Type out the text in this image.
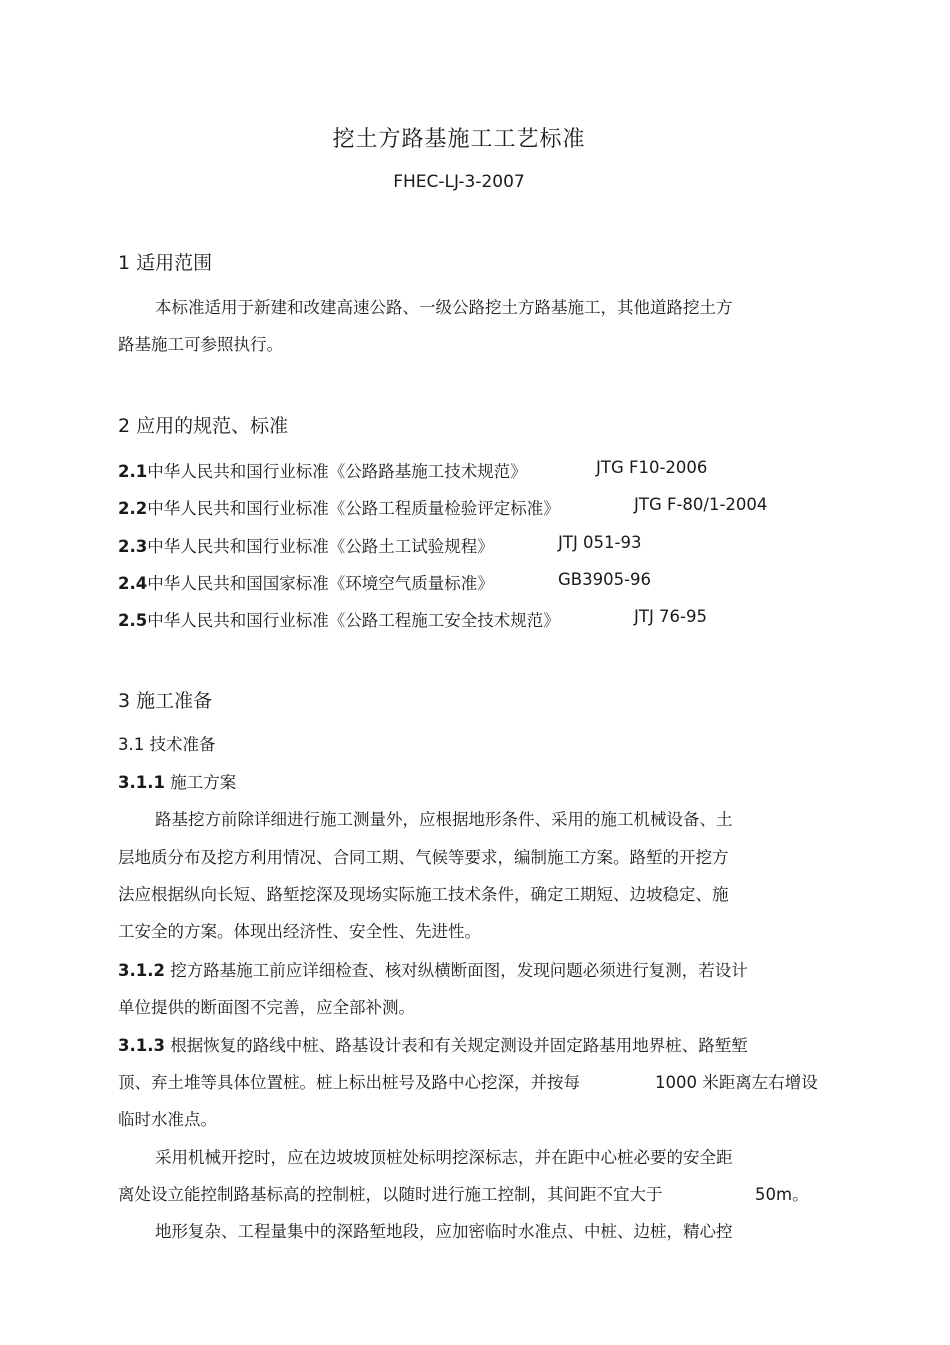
挖土方路基施工工艺标准
FHEC-LJ-3-2007
1 适用范围
本标准适用于新建和改建高速公路、一级公路挖土方路基施工，其他道路挖土方
路基施工可参照执行。
2 应用的规范、标准
2.1中华人民共和国行业标准《公路路基施工技术规范》	JTG F10-2006
2.2中华人民共和国行业标准《公路工程质量检验评定标准》	JTG F-80/1-2004
2.3中华人民共和国行业标准《公路土工试验规程》	JTJ 051-93
2.4中华人民共和国国家标准《环境空气质量标准》	GB3905-96
2.5中华人民共和国行业标准《公路工程施工安全技术规范》	JTJ 76-95
3 施工准备
3.1 技术准备
3.1.1 施工方案
路基挖方前除详细进行施工测量外，应根据地形条件、采用的施工机械设备、土
层地质分布及挖方利用情况、合同工期、气候等要求，编制施工方案。路堑的开挖方
法应根据纵向长短、路堑挖深及现场实际施工技术条件，确定工期短、边坡稳定、施
工安全的方案。体现出经济性、安全性、先进性。
3.1.2 挖方路基施工前应详细检查、核对纵横断面图，发现问题必须进行复测，若设计
单位提供的断面图不完善，应全部补测。
3.1.3 根据恢复的路线中桩、路基设计表和有关规定测设并固定路基用地界桩、路堑堑
顶、弃土堆等具体位置桩。桩上标出桩号及路中心挖深，并按每	1000 米距离左右增设
临时水准点。
采用机械开挖时，应在边坡坡顶桩处标明挖深标志，并在距中心桩必要的安全距
离处设立能控制路基标高的控制桩，以随时进行施工控制，其间距不宜大于	50m。
地形复杂、工程量集中的深路堑地段，应加密临时水准点、中桩、边桩，精心控
